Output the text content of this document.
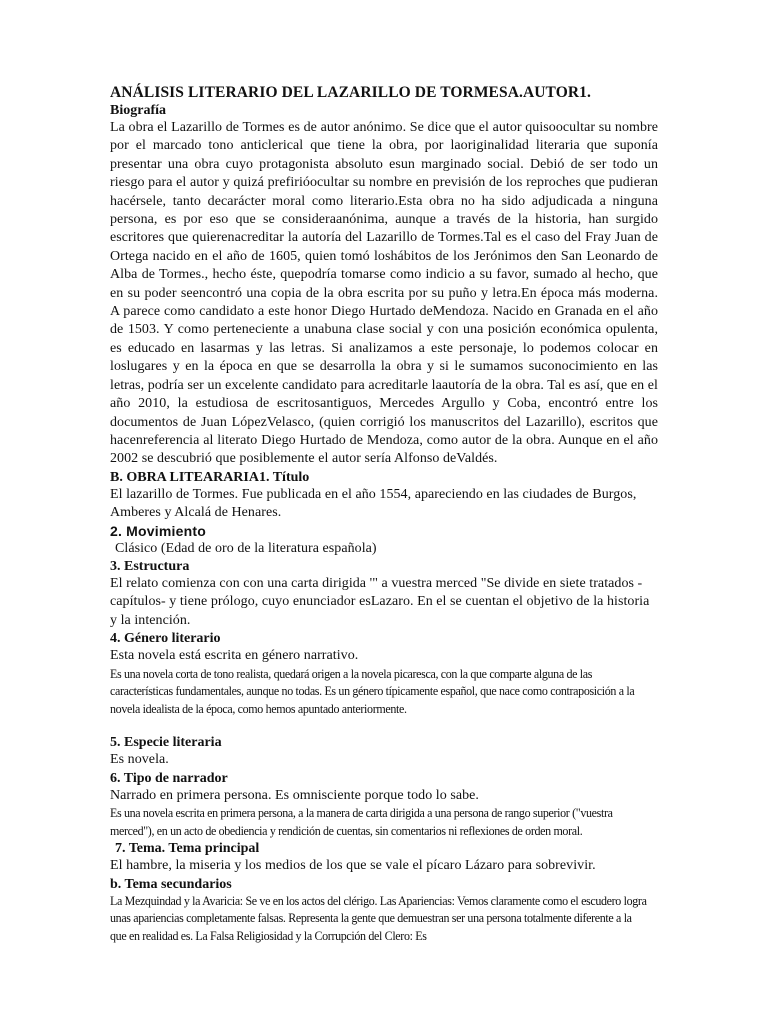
ANÁLISIS LITERARIO DEL LAZARILLO DE TORMESA.AUTOR1.

Biografía

La obra el Lazarillo de Tormes es de autor anónimo. Se dice que el autor quisoocultar su nombre por el marcado tono anticlerical que tiene la obra, por laoriginalidad literaria que suponía presentar una obra cuyo protagonista absoluto esun marginado social. Debió de ser todo un riesgo para el autor y quizá prefirióocultar su nombre en previsión de los reproches que pudieran hacérsele, tanto decarácter moral como literario.Esta obra no ha sido adjudicada a ninguna persona, es por eso que se consideraanónima, aunque a través de la historia, han surgido escritores que quierenacreditar la autoría del Lazarillo de Tormes.Tal es el caso del Fray Juan de Ortega nacido en el año de 1605, quien tomó loshábitos de los Jerónimos den San Leonardo de Alba de Tormes., hecho éste, quepodría tomarse como indicio a su favor, sumado al hecho, que en su poder seencontró una copia de la obra escrita por su puño y letra.En época más moderna. A parece como candidato a este honor Diego Hurtado deMendoza. Nacido en Granada en el año de 1503. Y como perteneciente a unabuna clase social y con una posición económica opulenta, es educado en lasarmas y las letras. Si analizamos a este personaje, lo podemos colocar en loslugares y en la época en que se desarrolla la obra y si le sumamos suconocimiento en las letras, podría ser un excelente candidato para acreditarle laautoría de la obra. Tal es así, que en el año 2010, la estudiosa de escritosantiguos, Mercedes Argullo y Coba, encontró entre los documentos de Juan LópezVelasco, (quien corrigió los manuscritos del Lazarillo), escritos que hacenreferencia al literato Diego Hurtado de Mendoza, como autor de la obra. Aunque en el año 2002 se descubrió que posiblemente el autor sería Alfonso deValdés.

B. OBRA LITEARARIA1. Título

El lazarillo de Tormes. Fue publicada en el año 1554, apareciendo en las ciudades de Burgos, Amberes y Alcalá de Henares.

2. Movimiento

Clásico (Edad de oro de la literatura española)

3. Estructura

El relato comienza con con una carta dirigida '" a vuestra merced "Se divide en siete tratados -capítulos- y tiene prólogo, cuyo enunciador esLazaro. En el se cuentan el objetivo de la historia y la intención.

4. Género literario

Esta novela está escrita en género narrativo.

Es una novela corta de tono realista, quedará origen a la novela picaresca, con la que comparte alguna de las características fundamentales, aunque no todas. Es un género típicamente español, que nace como contraposición a la novela idealista de la época, como hemos apuntado anteriormente.

5. Especie literaria

Es novela.

6. Tipo de narrador

Narrado en primera persona. Es omnisciente porque todo lo sabe.

Es una novela escrita en primera persona, a la manera de carta dirigida a una persona de rango superior ("vuestra merced"), en un acto de obediencia y rendición de cuentas, sin comentarios ni reflexiones de orden moral.

7. Tema. Tema principal

El hambre, la miseria y los medios de los que se vale el pícaro Lázaro para sobrevivir.

b. Tema secundarios

La Mezquindad y la Avaricia: Se ve en los actos del clérigo. Las Apariencias: Vemos claramente como el escudero logra unas apariencias completamente falsas. Representa la gente que demuestran ser una persona totalmente diferente a la que en realidad es. La Falsa Religiosidad y la Corrupción del Clero: Es
